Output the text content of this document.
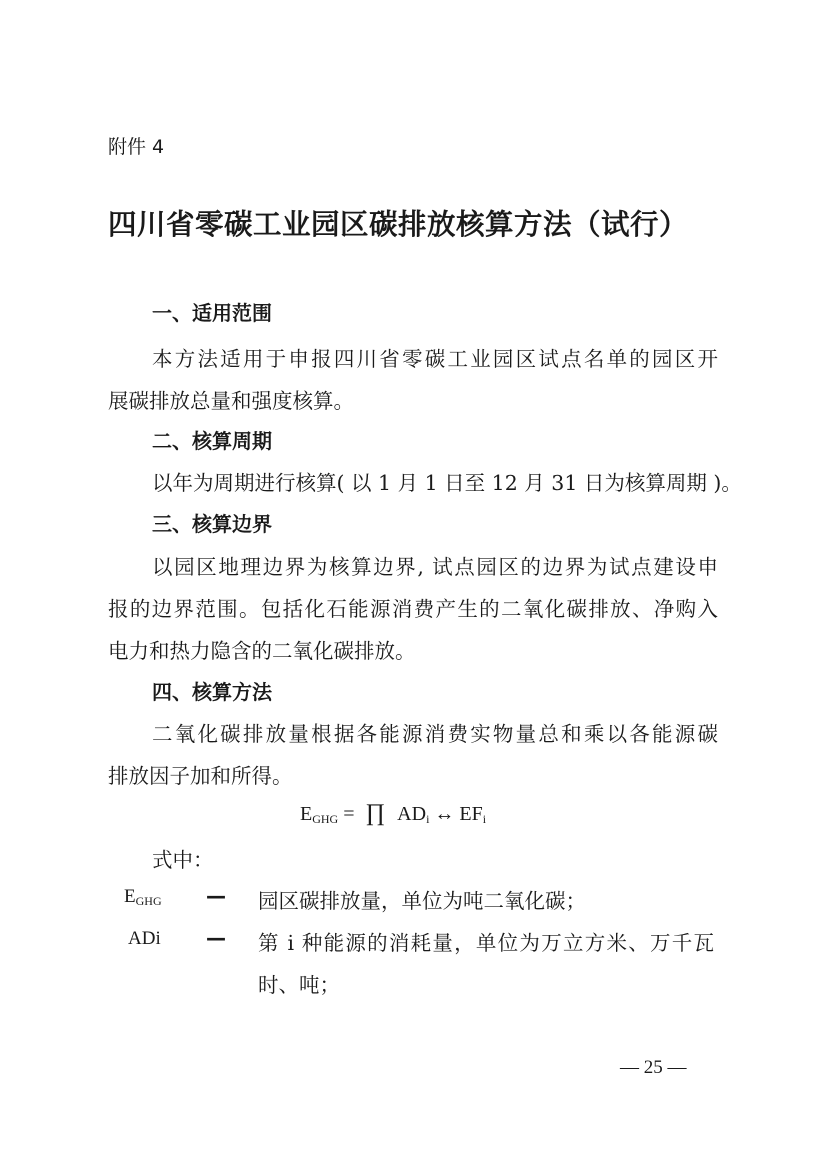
附件 4
四川省零碳工业园区碳排放核算方法（试行）
一、适用范围
本方法适用于申报四川省零碳工业园区试点名单的园区开
展碳排放总量和强度核算。
二、核算周期
以年为周期进行核算( 以 1 月 1 日至 12 月 31 日为核算周期 )。
三、核算边界
以园区地理边界为核算边界, 试点园区的边界为试点建设申
报的边界范围。包括化石能源消费产生的二氧化碳排放、净购入
电力和热力隐含的二氧化碳排放。
四、核算方法
二氧化碳排放量根据各能源消费实物量总和乘以各能源碳
排放因子加和所得。
$E_{GHG}$ = ∏ $AD_i$ ↔ $EF_i$
式中：
$E_{GHG}$ — 园区碳排放量，单位为吨二氧化碳；
ADi — 第 i 种能源的消耗量，单位为万立方米、万千瓦
时、吨；
— 25 —
